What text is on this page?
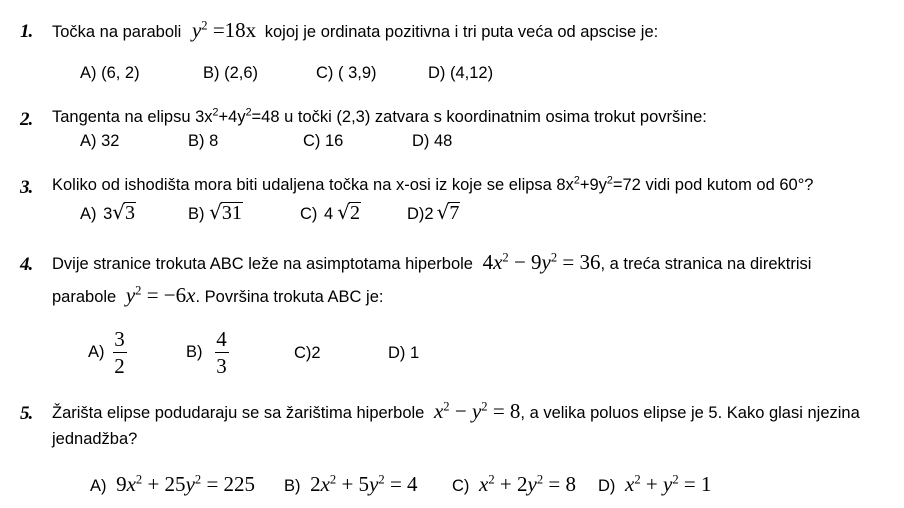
1. Točka na paraboli $y^2 =18x$ kojoj je ordinata pozitivna i tri puta veća od apscise je:
A) (6, 2)	B) (2,6)	C) ( 3,9)	D) (4,12)
2. Tangenta na elipsu $3x^2+4y^2=48$ u točki (2,3) zatvara s koordinatnim osima trokut površine:
A) 32	B) 8	C) 16	D) 48
3. Koliko od ishodišta mora biti udaljena točka na x-osi iz koje se elipsa $8x^2+9y^2=72$ vidi pod kutom od 60°?
A) 3√3	B) √31	C) 4 √2	D)2 √7
4. Dvije stranice trokuta ABC leže na asimptotama hiperbole $4x^2 - 9y^2 = 36$, a treća stranica na direktrisi
parabole $y^2 = -6x$. Površina trokuta ABC je:
$A) \frac{3}{2}$	$B) \frac{4}{3}$	C)2	D) 1
5. Žarišta elipse podudaraju se sa žarištima hiperbole $x^2 - y^2 = 8$, a velika poluos elipse je 5. Kako glasi njezina
jednadžba?
A) $9x^2 + 25y^2 = 225$ B) $2x^2 + 5y^2 = 4$ C) $x^2 + 2y^2 = 8$ D) $x^2 + y^2 = 1$
